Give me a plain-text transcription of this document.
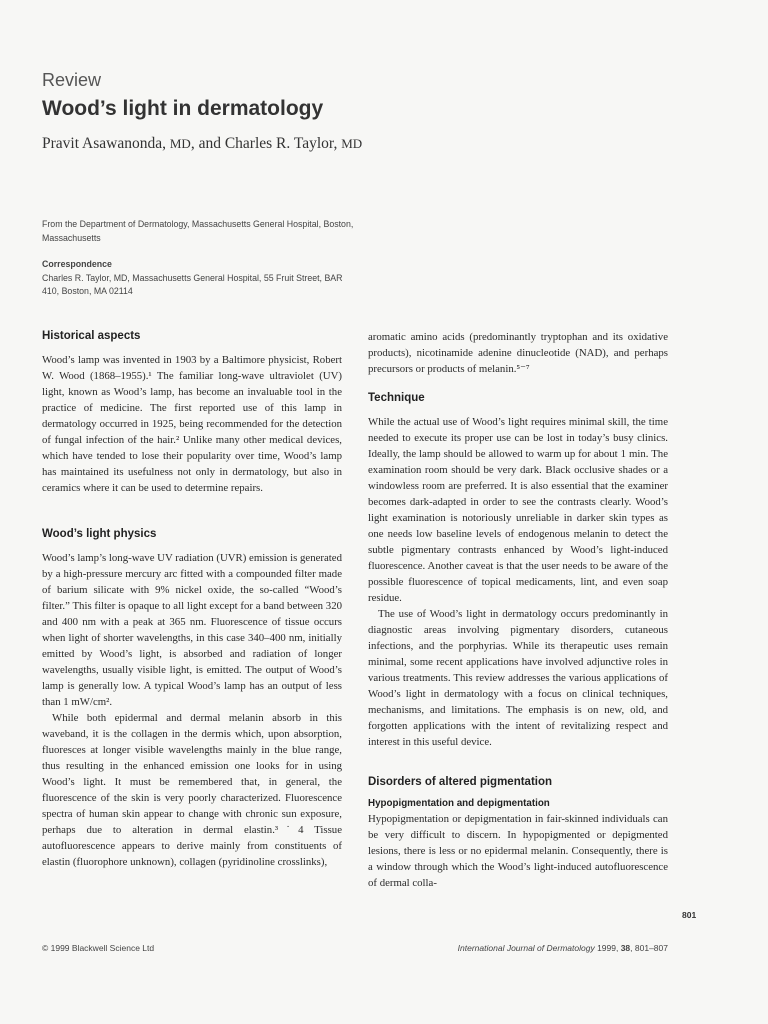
Review
Wood’s light in dermatology
Pravit Asawanonda, MD, and Charles R. Taylor, MD
From the Department of Dermatology, Massachusetts General Hospital, Boston, Massachusetts
Correspondence
Charles R. Taylor, MD, Massachusetts General Hospital, 55 Fruit Street, BAR 410, Boston, MA 02114
Historical aspects

Wood’s lamp was invented in 1903 by a Baltimore physicist, Robert W. Wood (1868–1955).¹ The familiar long-wave ultraviolet (UV) light, known as Wood’s lamp, has become an invaluable tool in the practice of medicine. The first reported use of this lamp in dermatology occurred in 1925, being recommended for the detection of fungal infection of the hair.² Unlike many other medical devices, which have tended to lose their popularity over time, Wood’s lamp has maintained its usefulness not only in dermatology, but also in ceramics where it can be used to determine repairs.

Wood’s light physics

Wood’s lamp’s long-wave UV radiation (UVR) emission is generated by a high-pressure mercury arc fitted with a compounded filter made of barium silicate with 9% nickel oxide, the so-called “Wood’s filter.” This filter is opaque to all light except for a band between 320 and 400 nm with a peak at 365 nm. Fluorescence of tissue occurs when light of shorter wavelengths, in this case 340–400 nm, initially emitted by Wood’s light, is absorbed and radiation of longer wavelengths, usually visible light, is emitted. The output of Wood’s lamp is generally low. A typical Wood’s lamp has an output of less than 1 mW/cm².

While both epidermal and dermal melanin absorb in this waveband, it is the collagen in the dermis which, upon absorption, fluoresces at longer visible wavelengths mainly in the blue range, thus resulting in the enhanced emission one looks for in using Wood’s light. It must be remembered that, in general, the fluorescence of the skin is very poorly characterized. Fluorescence spectra of human skin appear to change with chronic sun exposure, perhaps due to alteration in dermal elastin.³˙4 Tissue autofluorescence appears to derive mainly from constituents of elastin (fluorophore unknown), collagen (pyridinoline crosslinks),

aromatic amino acids (predominantly tryptophan and its oxidative products), nicotinamide adenine dinucleotide (NAD), and perhaps precursors or products of melanin.⁵⁻⁷

Technique

While the actual use of Wood’s light requires minimal skill, the time needed to execute its proper use can be lost in today’s busy clinics. Ideally, the lamp should be allowed to warm up for about 1 min. The examination room should be very dark. Black occlusive shades or a windowless room are preferred. It is also essential that the examiner becomes dark-adapted in order to see the contrasts clearly. Wood’s light examination is notoriously unreliable in darker skin types as one needs low baseline levels of endogenous melanin to detect the subtle pigmentary contrasts enhanced by Wood’s light-induced fluorescence. Another caveat is that the user needs to be aware of the possible fluorescence of topical medicaments, lint, and even soap residue.

The use of Wood’s light in dermatology occurs predominantly in diagnostic areas involving pigmentary disorders, cutaneous infections, and the porphyrias. While its therapeutic uses remain minimal, some recent applications have involved adjunctive roles in various treatments. This review addresses the various applications of Wood’s light in dermatology with a focus on clinical techniques, mechanisms, and limitations. The emphasis is on new, old, and forgotten applications with the intent of revitalizing respect and interest in this useful device.

Disorders of altered pigmentation
Hypopigmentation and depigmentation

Hypopigmentation or depigmentation in fair-skinned individuals can be very difficult to discern. In hypopigmented or depigmented lesions, there is less or no epidermal melanin. Consequently, there is a window through which the Wood’s light-induced autofluorescence of dermal colla-

801
© 1999 Blackwell Science Ltd	International Journal of Dermatology 1999, 38, 801–807
